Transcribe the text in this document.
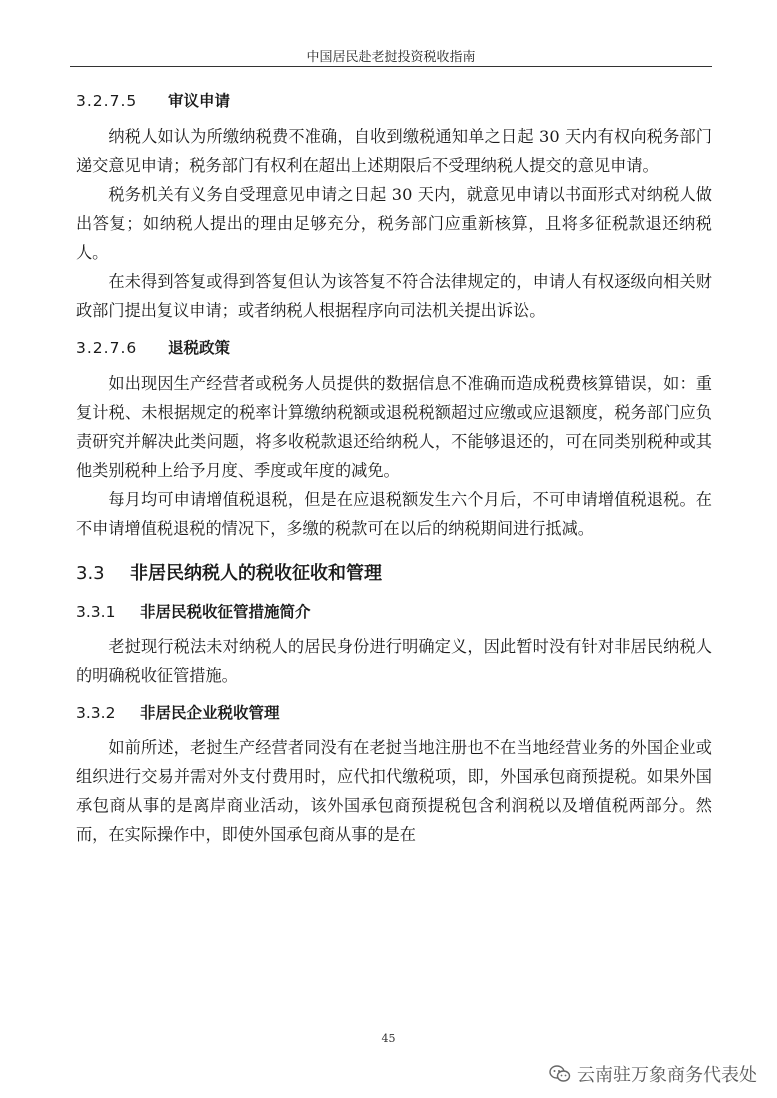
中国居民赴老挝投资税收指南
3.2.7.5 审议申请

纳税人如认为所缴纳税费不准确，自收到缴税通知单之日起 30 天内有权向税务部门递交意见申请；税务部门有权利在超出上述期限后不受理纳税人提交的意见申请。

税务机关有义务自受理意见申请之日起 30 天内，就意见申请以书面形式对纳税人做出答复；如纳税人提出的理由足够充分，税务部门应重新核算，且将多征税款退还纳税人。

在未得到答复或得到答复但认为该答复不符合法律规定的，申请人有权逐级向相关财政部门提出复议申请；或者纳税人根据程序向司法机关提出诉讼。

3.2.7.6 退税政策

如出现因生产经营者或税务人员提供的数据信息不准确而造成税费核算错误，如：重复计税、未根据规定的税率计算缴纳税额或退税税额超过应缴或应退额度，税务部门应负责研究并解决此类问题，将多收税款退还给纳税人，不能够退还的，可在同类别税种或其他类别税种上给予月度、季度或年度的减免。

每月均可申请增值税退税，但是在应退税额发生六个月后，不可申请增值税退税。在不申请增值税退税的情况下，多缴的税款可在以后的纳税期间进行抵减。

3.3 非居民纳税人的税收征收和管理
3.3.1 非居民税收征管措施简介

老挝现行税法未对纳税人的居民身份进行明确定义，因此暂时没有针对非居民纳税人的明确税收征管措施。

3.3.2 非居民企业税收管理

如前所述，老挝生产经营者同没有在老挝当地注册也不在当地经营业务的外国企业或组织进行交易并需对外支付费用时，应代扣代缴税项，即，外国承包商预提税。如果外国承包商从事的是离岸商业活动，该外国承包商预提税包含利润税以及增值税两部分。然而，在实际操作中，即使外国承包商从事的是在

45
云南驻万象商务代表处
